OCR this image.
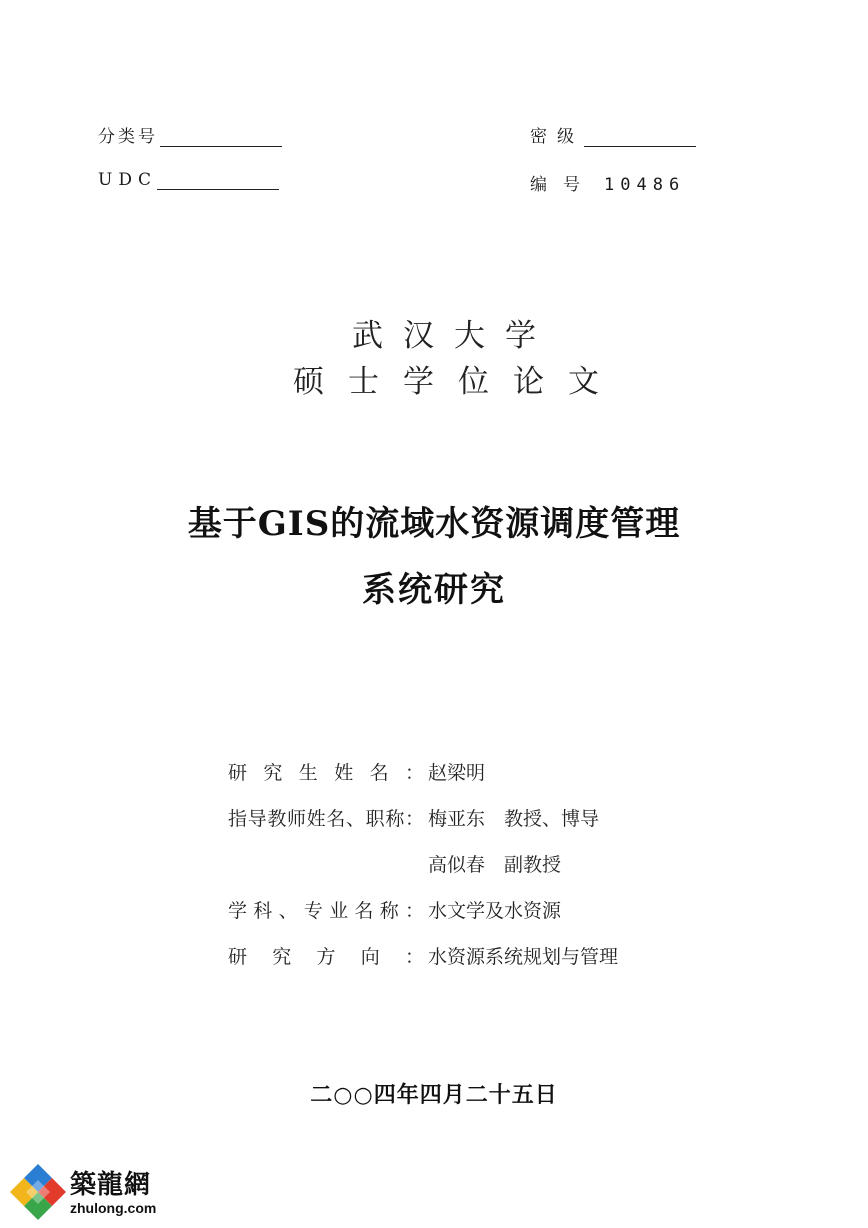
分类号
UDC
密级
编号 10486
武汉大学
硕士学位论文
基于GIS的流域水资源调度管理
系统研究
研究生姓名： 赵梁明
指导教师姓名、职称： 梅亚东　教授、博导
高似春　副教授
学科、专业名称： 水文学及水资源
研究方向： 水资源系统规划与管理
二○○四年四月二十五日
築龍網
zhulong.com
